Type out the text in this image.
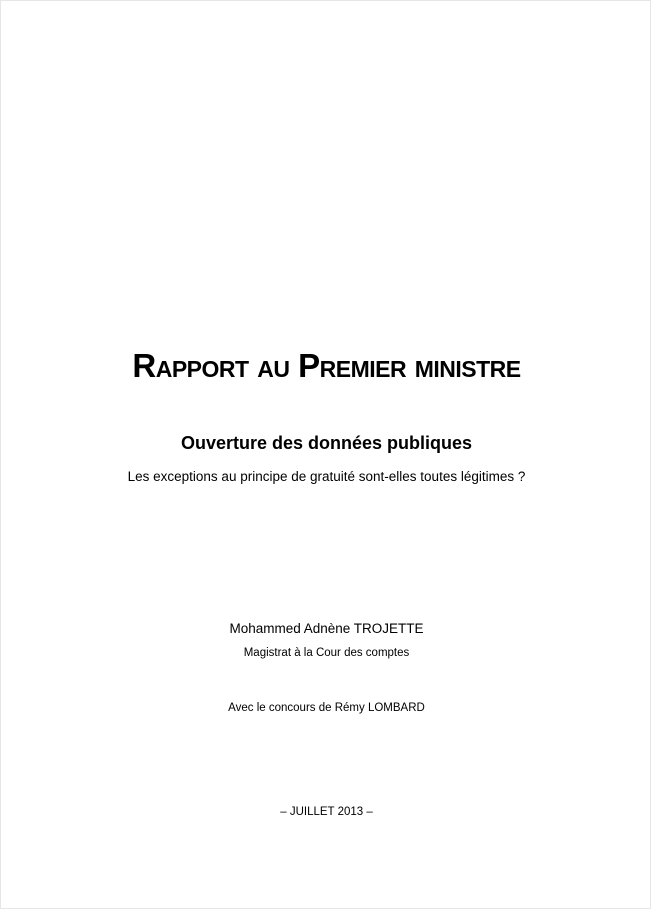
Rapport au Premier ministre
Ouverture des données publiques
Les exceptions au principe de gratuité sont-elles toutes légitimes ?
Mohammed Adnène TROJETTE
Magistrat à la Cour des comptes
Avec le concours de Rémy LOMBARD
– JUILLET 2013 –
